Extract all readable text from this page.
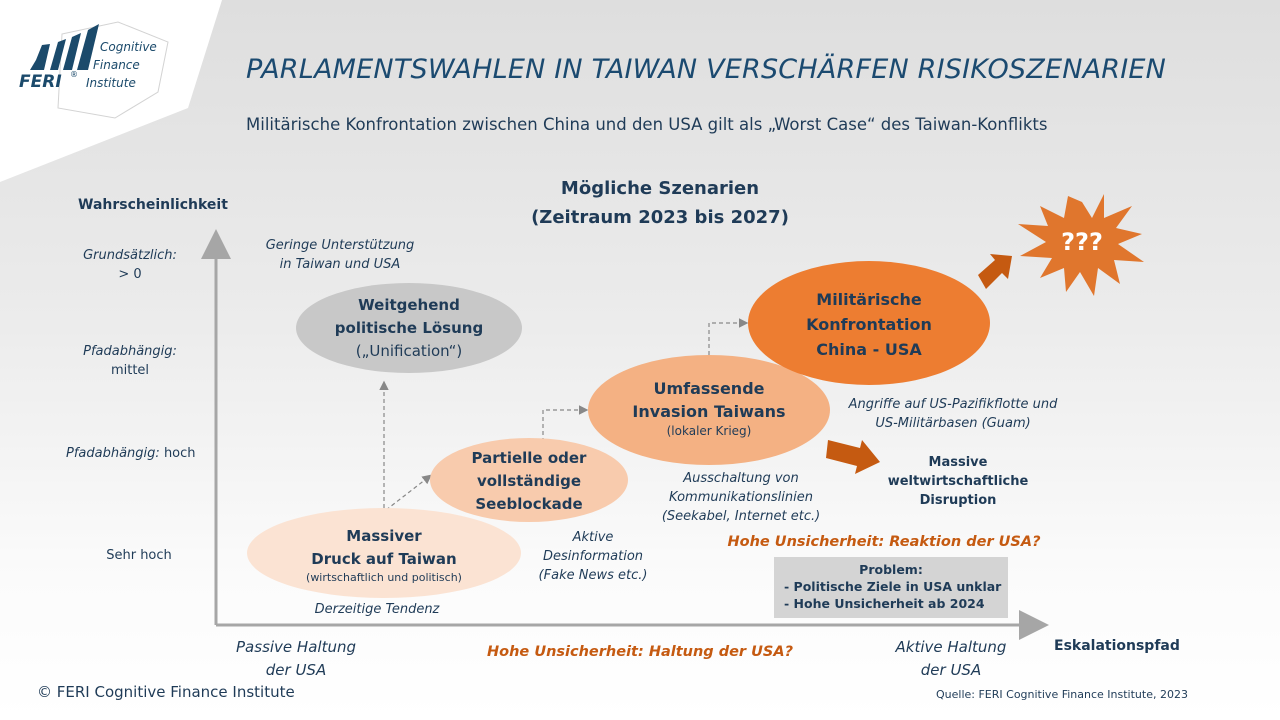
FERI ®
Cognitive
Finance
Institute	PARLAMENTSWAHLEN IN TAIWAN VERSCHÄRFEN RISIKOSZENARIEN
Militärische Konfrontation zwischen China und den USA gilt als „Worst Case“ des Taiwan-Konflikts
Mögliche Szenarien
(Zeitraum 2023 bis 2027)
Wahrscheinlichkeit
Grundsätzlich:
> 0
Pfadabhängig:
mittel
Pfadabhängig: hoch
Sehr hoch
Passive Haltung
der USA
Aktive Haltung
der USA
Eskalationspfad
Hohe Unsicherheit: Haltung der USA?
Weitgehend
politische Lösung
(„Unification“)
Massiver
Druck auf Taiwan
(wirtschaftlich und politisch)
Partielle oder
vollständige
Seeblockade
Umfassende
Invasion Taiwans
(lokaler Krieg)
Militärische
Konfrontation
China - USA
Geringe Unterstützung
in Taiwan und USA
Derzeitige Tendenz
Aktive
Desinformation
(Fake News etc.)
Ausschaltung von
Kommunikationslinien
(Seekabel, Internet etc.)
Angriffe auf US-Pazifikflotte und
US-Militärbasen (Guam)
Massive
weltwirtschaftliche
Disruption
Hohe Unsicherheit: Reaktion der USA?
???
Problem:
- Politische Ziele in USA unklar
- Hohe Unsicherheit ab 2024
© FERI Cognitive Finance Institute	Quelle: FERI Cognitive Finance Institute, 2023
